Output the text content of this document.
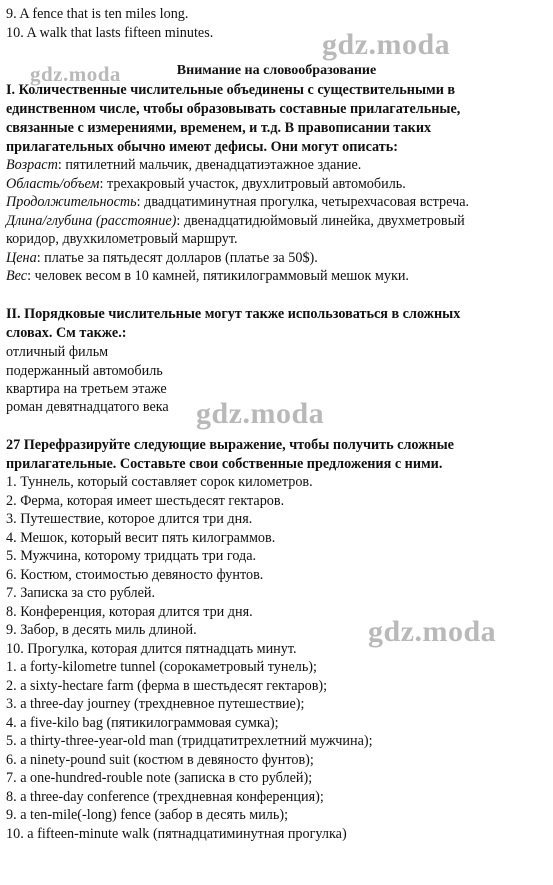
gdz.moda
gdz.moda
gdz.moda
gdz.moda
9. A fence that is ten miles long.
10. A walk that lasts fifteen minutes.
Внимание на словообразование
I. Количественные числительные объединены с существительными в
единственном числе, чтобы образовывать составные прилагательные,
связанные с измерениями, временем, и т.д. В правописании таких
прилагательных обычно имеют дефисы. Они могут описать:
Возраст: пятилетний мальчик, двенадцатиэтажное здание.
Область/объем: трехакровый участок, двухлитровый автомобиль.
Продолжительность: двадцатиминутная прогулка, четырехчасовая встреча.
Длина/глубина (расстояние): двенадцатидюймовый линейка, двухметровый
коридор, двухкилометровый маршрут.
Цена: платье за пятьдесят долларов (платье за 50$).
Вес: человек весом в 10 камней, пятикилограммовый мешок муки.
II. Порядковые числительные могут также использоваться в сложных
словах. См также.:
отличный фильм
подержанный автомобиль
квартира на третьем этаже
роман девятнадцатого века
27 Перефразируйте следующие выражение, чтобы получить сложные
прилагательные. Составьте свои собственные предложения с ними.
1. Туннель, который составляет сорок километров.
2. Ферма, которая имеет шестьдесят гектаров.
3. Путешествие, которое длится три дня.
4. Мешок, который весит пять килограммов.
5. Мужчина, которому тридцать три года.
6. Костюм, стоимостью девяносто фунтов.
7. Записка за сто рублей.
8. Конференция, которая длится три дня.
9. Забор, в десять миль длиной.
10. Прогулка, которая длится пятнадцать минут.
1. a forty-kilometre tunnel (сорокаметровый тунель);
2. a sixty-hectare farm (ферма в шестьдесят гектаров);
3. a three-day journey (трехдневное путешествие);
4. a five-kilo bag (пятикилограммовая сумка);
5. a thirty-three-year-old man (тридцатитрехлетний мужчина);
6. a ninety-pound suit (костюм в девяносто фунтов);
7. a one-hundred-rouble note (записка в сто рублей);
8. a three-day conference (трехдневная конференция);
9. a ten-mile(-long) fence (забор в десять миль);
10. a fifteen-minute walk (пятнадцатиминутная прогулка)
